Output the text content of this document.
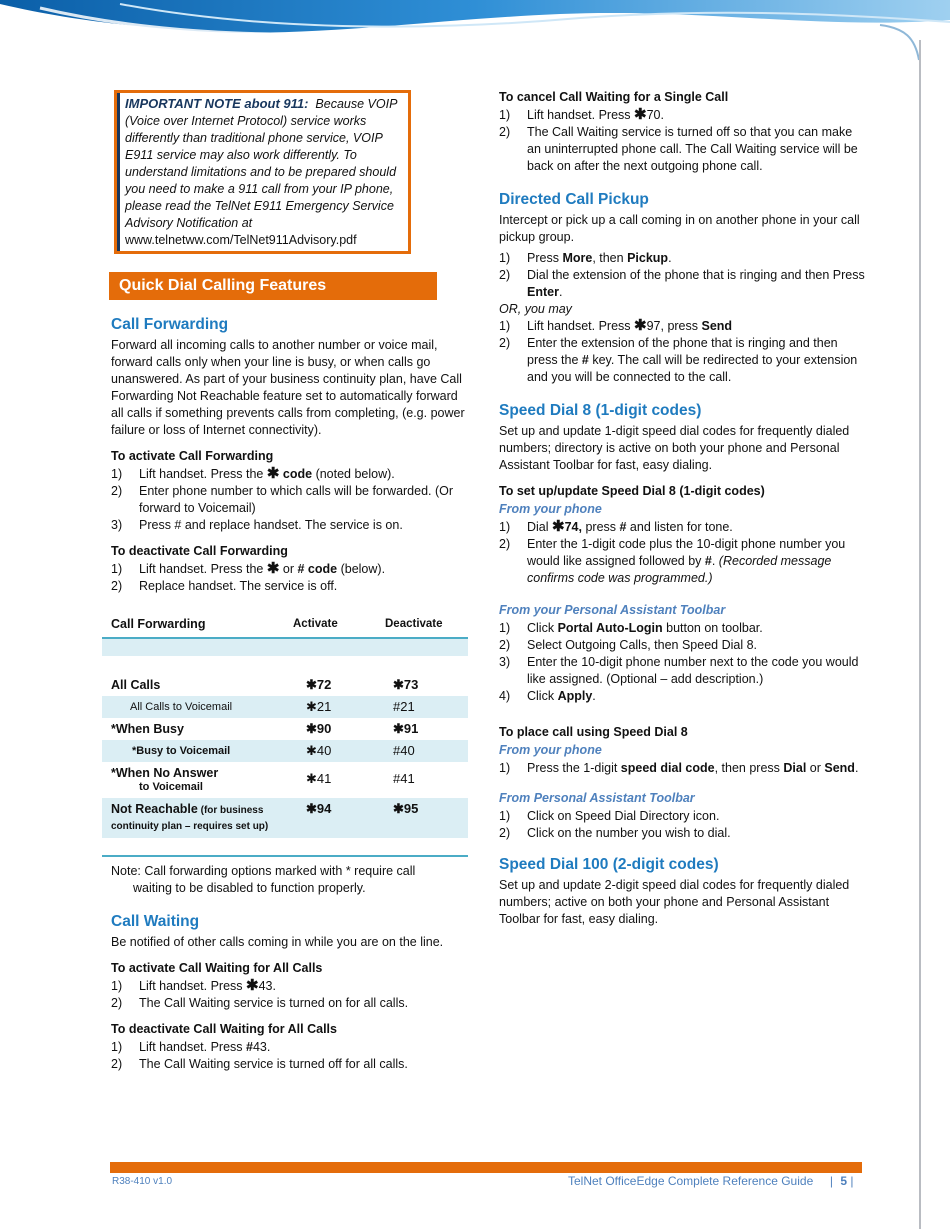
IMPORTANT NOTE about 911: Because VOIP (Voice over Internet Protocol) service works differently than traditional phone service, VOIP E911 service may also work differently. To understand limitations and to be prepared should you need to make a 911 call from your IP phone, please read the TelNet E911 Emergency Service Advisory Notification at www.telnetww.com/TelNet911Advisory.pdf

Quick Dial Calling Features
Call Forwarding

Forward all incoming calls to another number or voice mail, forward calls only when your line is busy, or when calls go unanswered. As part of your business continuity plan, have Call Forwarding Not Reachable feature set to automatically forward all calls if something prevents calls from completing, (e.g. power failure or loss of Internet connectivity).

To activate Call Forwarding
1) Lift handset. Press the ✱ code (noted below).
2) Enter phone number to which calls will be forwarded. (Or forward to Voicemail)
3) Press # and replace handset. The service is on.
To deactivate Call Forwarding
1) Lift handset. Press the ✱ or # code (below).
2) Replace handset. The service is off.
Call Forwarding	Activate	Deactivate

All Calls	✱72	✱73
All Calls to Voicemail	✱21	#21
*When Busy	✱90	✱91
*Busy to Voicemail	✱40	#40

*When No Answer
to Voicemail	✱41	#41
Not Reachable (for business continuity plan – requires set up)	✱94	✱95

Note: Call forwarding options marked with * require call
waiting to be disabled to function properly.

Call Waiting

Be notified of other calls coming in while you are on the line.

To activate Call Waiting for All Calls
1) Lift handset. Press ✱43.
2) The Call Waiting service is turned on for all calls.
To deactivate Call Waiting for All Calls
1) Lift handset. Press #43.
2) The Call Waiting service is turned off for all calls.
To cancel Call Waiting for a Single Call
1) Lift handset. Press ✱70.
2) The Call Waiting service is turned off so that you can make an uninterrupted phone call. The Call Waiting service will be back on after the next outgoing phone call.
Directed Call Pickup

Intercept or pick up a call coming in on another phone in your call pickup group.

1) Press More, then Pickup.
2) Dial the extension of the phone that is ringing and then Press Enter.

OR, you may

1) Lift handset. Press ✱97, press Send
2) Enter the extension of the phone that is ringing and then press the # key. The call will be redirected to your extension and you will be connected to the call.
Speed Dial 8 (1-digit codes)

Set up and update 1-digit speed dial codes for frequently dialed numbers; directory is active on both your phone and Personal Assistant Toolbar for fast, easy dialing.

To set up/update Speed Dial 8 (1-digit codes)
From your phone
1) Dial ✱74, press # and listen for tone.
2) Enter the 1-digit code plus the 10-digit phone number you would like assigned followed by #. (Recorded message confirms code was programmed.)
From your Personal Assistant Toolbar
1) Click Portal Auto-Login button on toolbar.
2) Select Outgoing Calls, then Speed Dial 8.
3) Enter the 10-digit phone number next to the code you would like assigned. (Optional – add description.)
4) Click Apply.
To place call using Speed Dial 8
From your phone
1) Press the 1-digit speed dial code, then press Dial or Send.
From Personal Assistant Toolbar
1) Click on Speed Dial Directory icon.
2) Click on the number you wish to dial.
Speed Dial 100 (2-digit codes)

Set up and update 2-digit speed dial codes for frequently dialed numbers; active on both your phone and Personal Assistant Toolbar for fast, easy dialing.

R38-410 v1.0	TelNet OfficeEdge Complete Reference Guide | 5 |
